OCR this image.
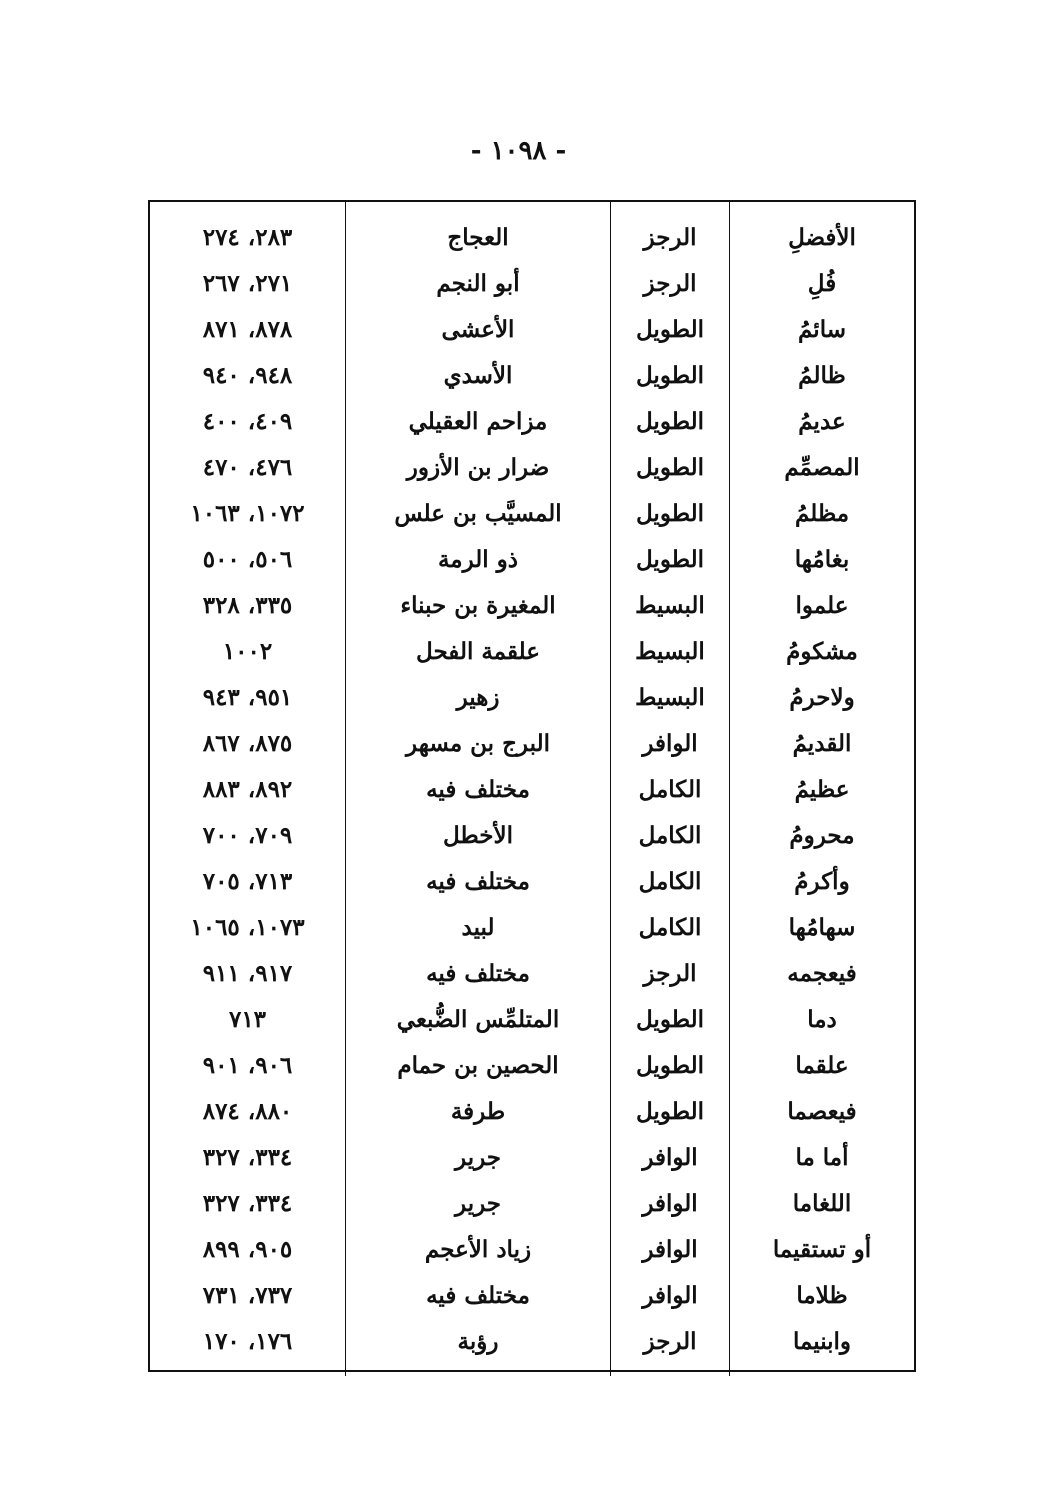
- ١٠٩٨ -

الأفضلِ	الرجز	العجاج	٢٨٣، ٢٧٤
فُلِ	الرجز	أبو النجم	٢٧١، ٢٦٧
سائمُ	الطويل	الأعشى	٨٧٨، ٨٧١
ظالمُ	الطويل	الأسدي	٩٤٨، ٩٤٠
عديمُ	الطويل	مزاحم العقيلي	٤٠٩، ٤٠٠
المصمِّم	الطويل	ضرار بن الأزور	٤٧٦، ٤٧٠
مظلمُ	الطويل	المسيَّب بن علس	١٠٧٢، ١٠٦٣
بغامُها	الطويل	ذو الرمة	٥٠٦، ٥٠٠
علموا	البسيط	المغيرة بن حبناء	٣٣٥، ٣٢٨
مشكومُ	البسيط	علقمة الفحل	١٠٠٢
ولاحرمُ	البسيط	زهير	٩٥١، ٩٤٣
القديمُ	الوافر	البرج بن مسهر	٨٧٥، ٨٦٧
عظيمُ	الكامل	مختلف فيه	٨٩٢، ٨٨٣
محرومُ	الكامل	الأخطل	٧٠٩، ٧٠٠
وأكرمُ	الكامل	مختلف فيه	٧١٣، ٧٠٥
سهامُها	الكامل	لبيد	١٠٧٣، ١٠٦٥
فيعجمه	الرجز	مختلف فيه	٩١٧، ٩١١
دما	الطويل	المتلمِّس الضُّبعي	٧١٣
علقما	الطويل	الحصين بن حمام	٩٠٦، ٩٠١
فيعصما	الطويل	طرفة	٨٨٠، ٨٧٤
أما ما	الوافر	جرير	٣٣٤، ٣٢٧
اللغاما	الوافر	جرير	٣٣٤، ٣٢٧
أو تستقيما	الوافر	زياد الأعجم	٩٠٥، ٨٩٩
ظلاما	الوافر	مختلف فيه	٧٣٧، ٧٣١
وابنيما	الرجز	رؤبة	١٧٦، ١٧٠
